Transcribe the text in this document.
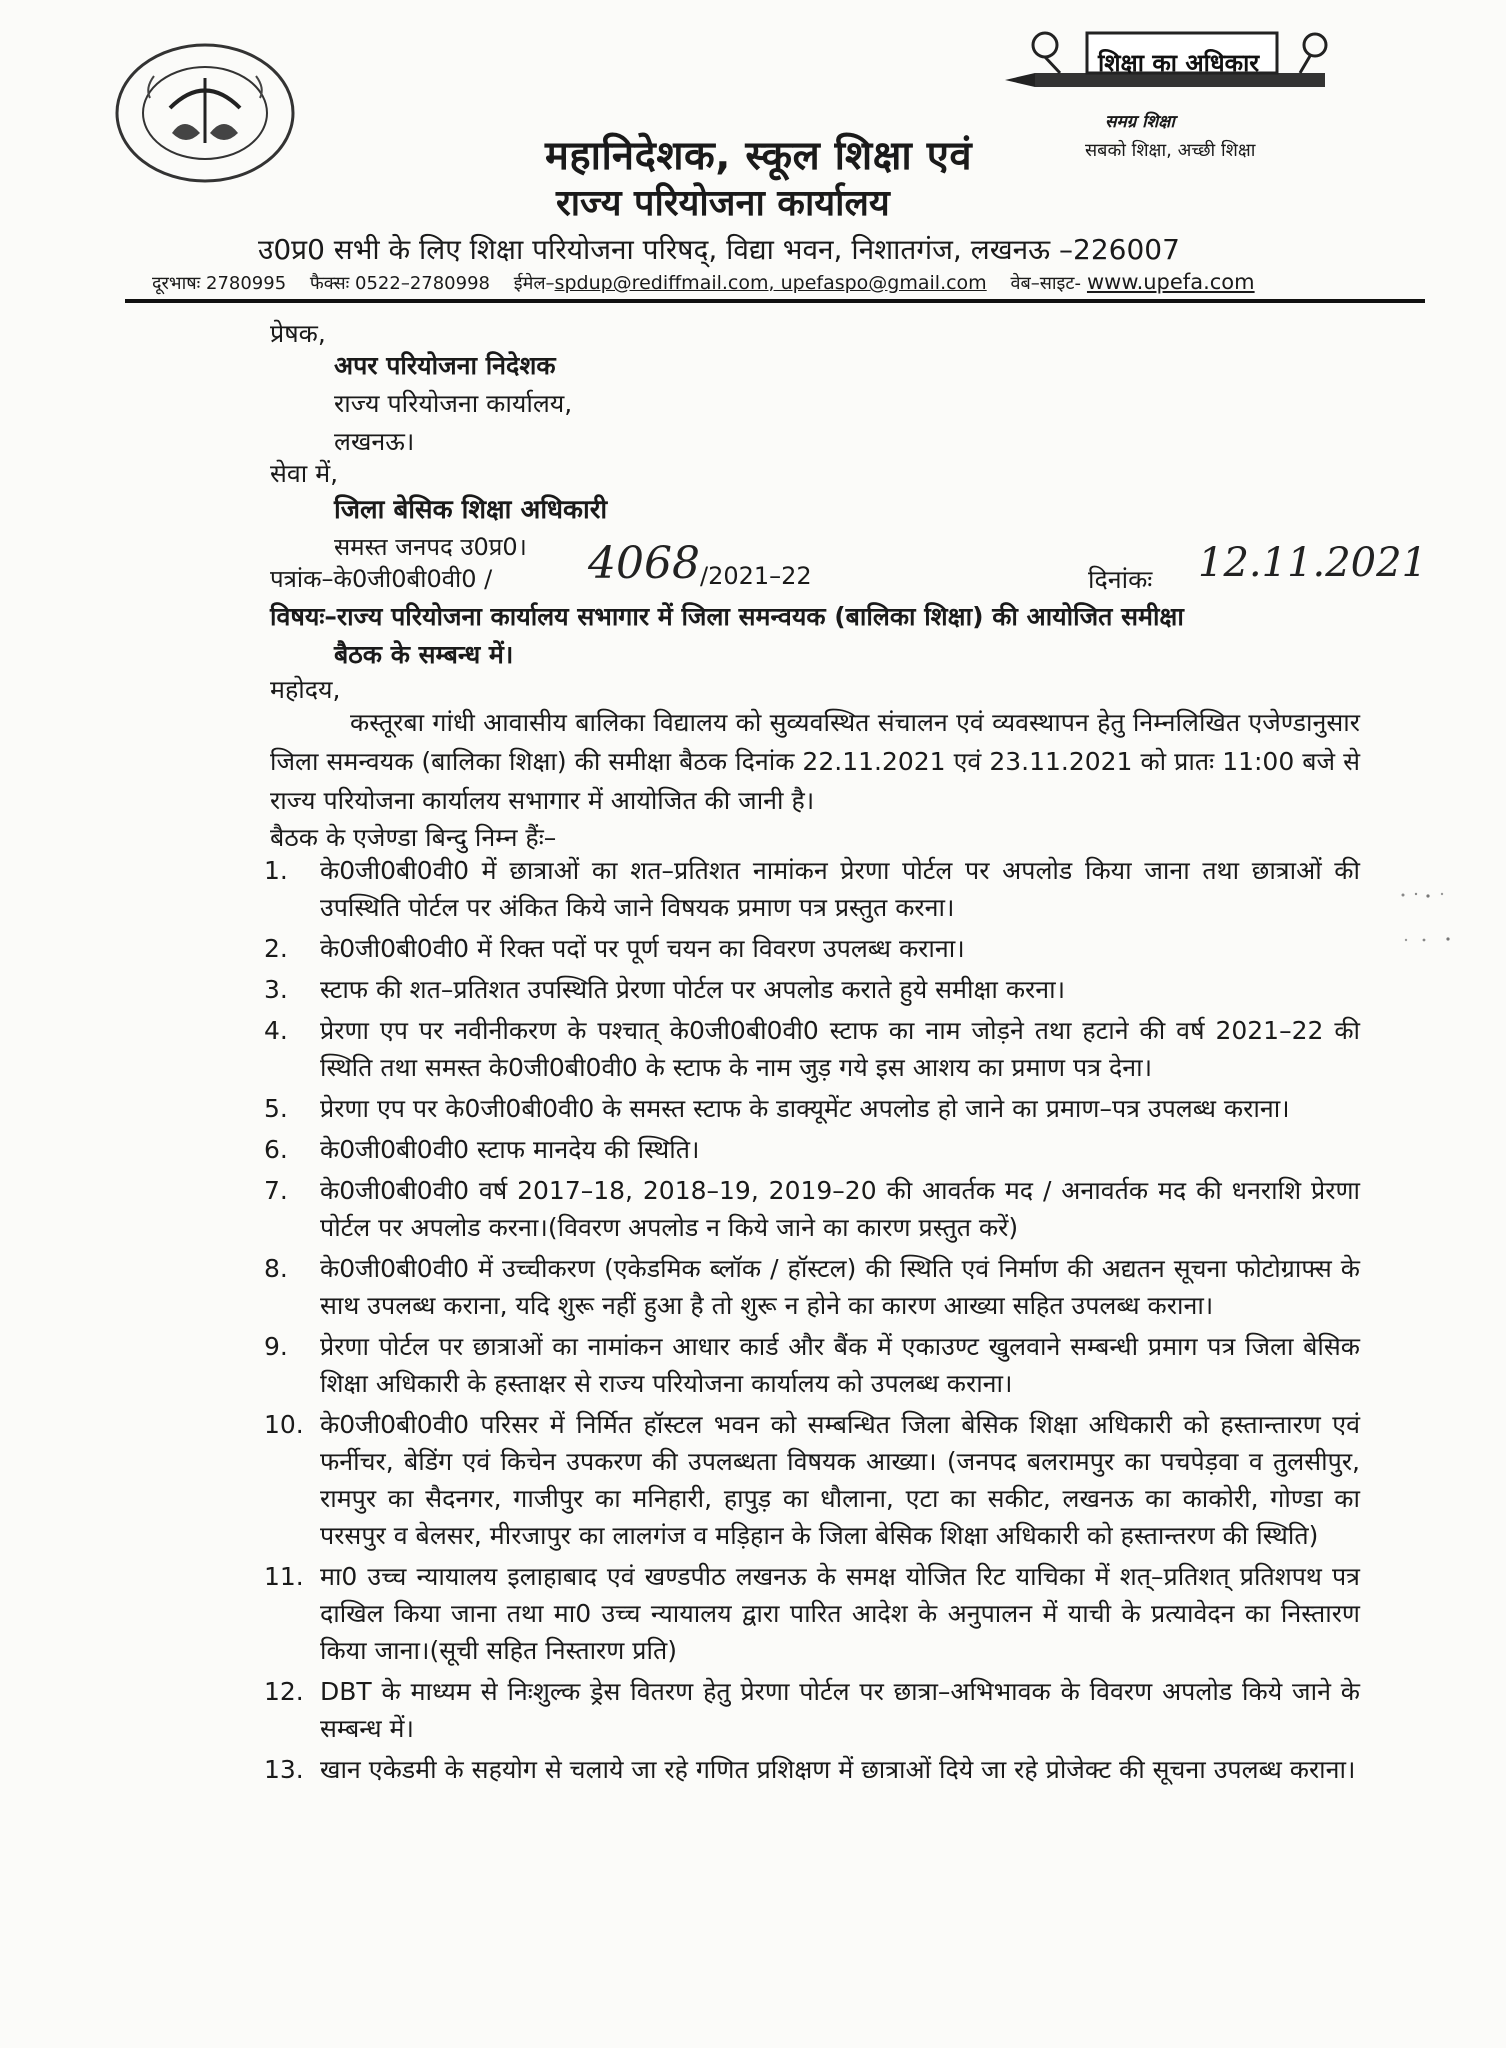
महानिदेशक, स्कूल शिक्षा एवं
राज्य परियोजना कार्यालय
उ0प्र0 सभी के लिए शिक्षा परियोजना परिषद्, विद्या भवन, निशातगंज, लखनऊ –226007
दूरभाषः 2780995 फैक्सः 0522–2780998 ईमेल–spdup@rediffmail.com, upefaspo@gmail.com वेब–साइट- www.upefa.com
शिक्षा का अधिकार
समग्र शिक्षा
सबको शिक्षा, अच्छी शिक्षा
प्रेषक,
अपर परियोजना निदेशक
राज्य परियोजना कार्यालय,
लखनऊ।
सेवा में,
जिला बेसिक शिक्षा अधिकारी
समस्त जनपद उ0प्र0।
पत्रांक–के0जी0बी0वी0 / 4068 /2021–22	दिनांकः 12.11.2021
विषयः–राज्य परियोजना कार्यालय सभागार में जिला समन्वयक (बालिका शिक्षा) की आयोजित समीक्षा
बैठक के सम्बन्ध में।
महोदय,
कस्तूरबा गांधी आवासीय बालिका विद्यालय को सुव्यवस्थित संचालन एवं व्यवस्थापन हेतु निम्नलिखित एजेण्डानुसार जिला समन्वयक (बालिका शिक्षा) की समीक्षा बैठक दिनांक 22.11.2021 एवं 23.11.2021 को प्रातः 11:00 बजे से राज्य परियोजना कार्यालय सभागार में आयोजित की जानी है।
बैठक के एजेण्डा बिन्दु निम्न हैंः–
1.	के0जी0बी0वी0 में छात्राओं का शत–प्रतिशत नामांकन प्रेरणा पोर्टल पर अपलोड किया जाना तथा छात्राओं की उपस्थिति पोर्टल पर अंकित किये जाने विषयक प्रमाण पत्र प्रस्तुत करना।
2.	के0जी0बी0वी0 में रिक्त पदों पर पूर्ण चयन का विवरण उपलब्ध कराना।
3.	स्टाफ की शत–प्रतिशत उपस्थिति प्रेरणा पोर्टल पर अपलोड कराते हुये समीक्षा करना।
4.	प्रेरणा एप पर नवीनीकरण के पश्चात् के0जी0बी0वी0 स्टाफ का नाम जोड़ने तथा हटाने की वर्ष 2021–22 की स्थिति तथा समस्त के0जी0बी0वी0 के स्टाफ के नाम जुड़ गये इस आशय का प्रमाण पत्र देना।
5.	प्रेरणा एप पर के0जी0बी0वी0 के समस्त स्टाफ के डाक्यूमेंट अपलोड हो जाने का प्रमाण–पत्र उपलब्ध कराना।
6.	के0जी0बी0वी0 स्टाफ मानदेय की स्थिति।
7.	के0जी0बी0वी0 वर्ष 2017–18, 2018–19, 2019–20 की आवर्तक मद / अनावर्तक मद की धनराशि प्रेरणा पोर्टल पर अपलोड करना।(विवरण अपलोड न किये जाने का कारण प्रस्तुत करें)
8.	के0जी0बी0वी0 में उच्चीकरण (एकेडमिक ब्लॉक / हॉस्टल) की स्थिति एवं निर्माण की अद्यतन सूचना फोटोग्राफ्स के साथ उपलब्ध कराना, यदि शुरू नहीं हुआ है तो शुरू न होने का कारण आख्या सहित उपलब्ध कराना।
9.	प्रेरणा पोर्टल पर छात्राओं का नामांकन आधार कार्ड और बैंक में एकाउण्ट खुलवाने सम्बन्धी प्रमाग पत्र जिला बेसिक शिक्षा अधिकारी के हस्ताक्षर से राज्य परियोजना कार्यालय को उपलब्ध कराना।
10. के0जी0बी0वी0 परिसर में निर्मित हॉस्टल भवन को सम्बन्धित जिला बेसिक शिक्षा अधिकारी को हस्तान्तारण एवं फर्नीचर, बेडिंग एवं किचेन उपकरण की उपलब्धता विषयक आख्या। (जनपद बलरामपुर का पचपेड़वा व तुलसीपुर, रामपुर का सैदनगर, गाजीपुर का मनिहारी, हापुड़ का धौलाना, एटा का सकीट, लखनऊ का काकोरी, गोण्डा का परसपुर व बेलसर, मीरजापुर का लालगंज व मड़िहान के जिला बेसिक शिक्षा अधिकारी को हस्तान्तरण की स्थिति)
11. मा0 उच्च न्यायालय इलाहाबाद एवं खण्डपीठ लखनऊ के समक्ष योजित रिट याचिका में शत्–प्रतिशत् प्रतिशपथ पत्र दाखिल किया जाना तथा मा0 उच्च न्यायालय द्वारा पारित आदेश के अनुपालन में याची के प्रत्यावेदन का निस्तारण किया जाना।(सूची सहित निस्तारण प्रति)
12. DBT के माध्यम से निःशुल्क ड्रेस वितरण हेतु प्रेरणा पोर्टल पर छात्रा–अभिभावक के विवरण अपलोड किये जाने के सम्बन्ध में।
13. खान एकेडमी के सहयोग से चलाये जा रहे गणित प्रशिक्षण में छात्राओं दिये जा रहे प्रोजेक्ट की सूचना उपलब्ध कराना।
